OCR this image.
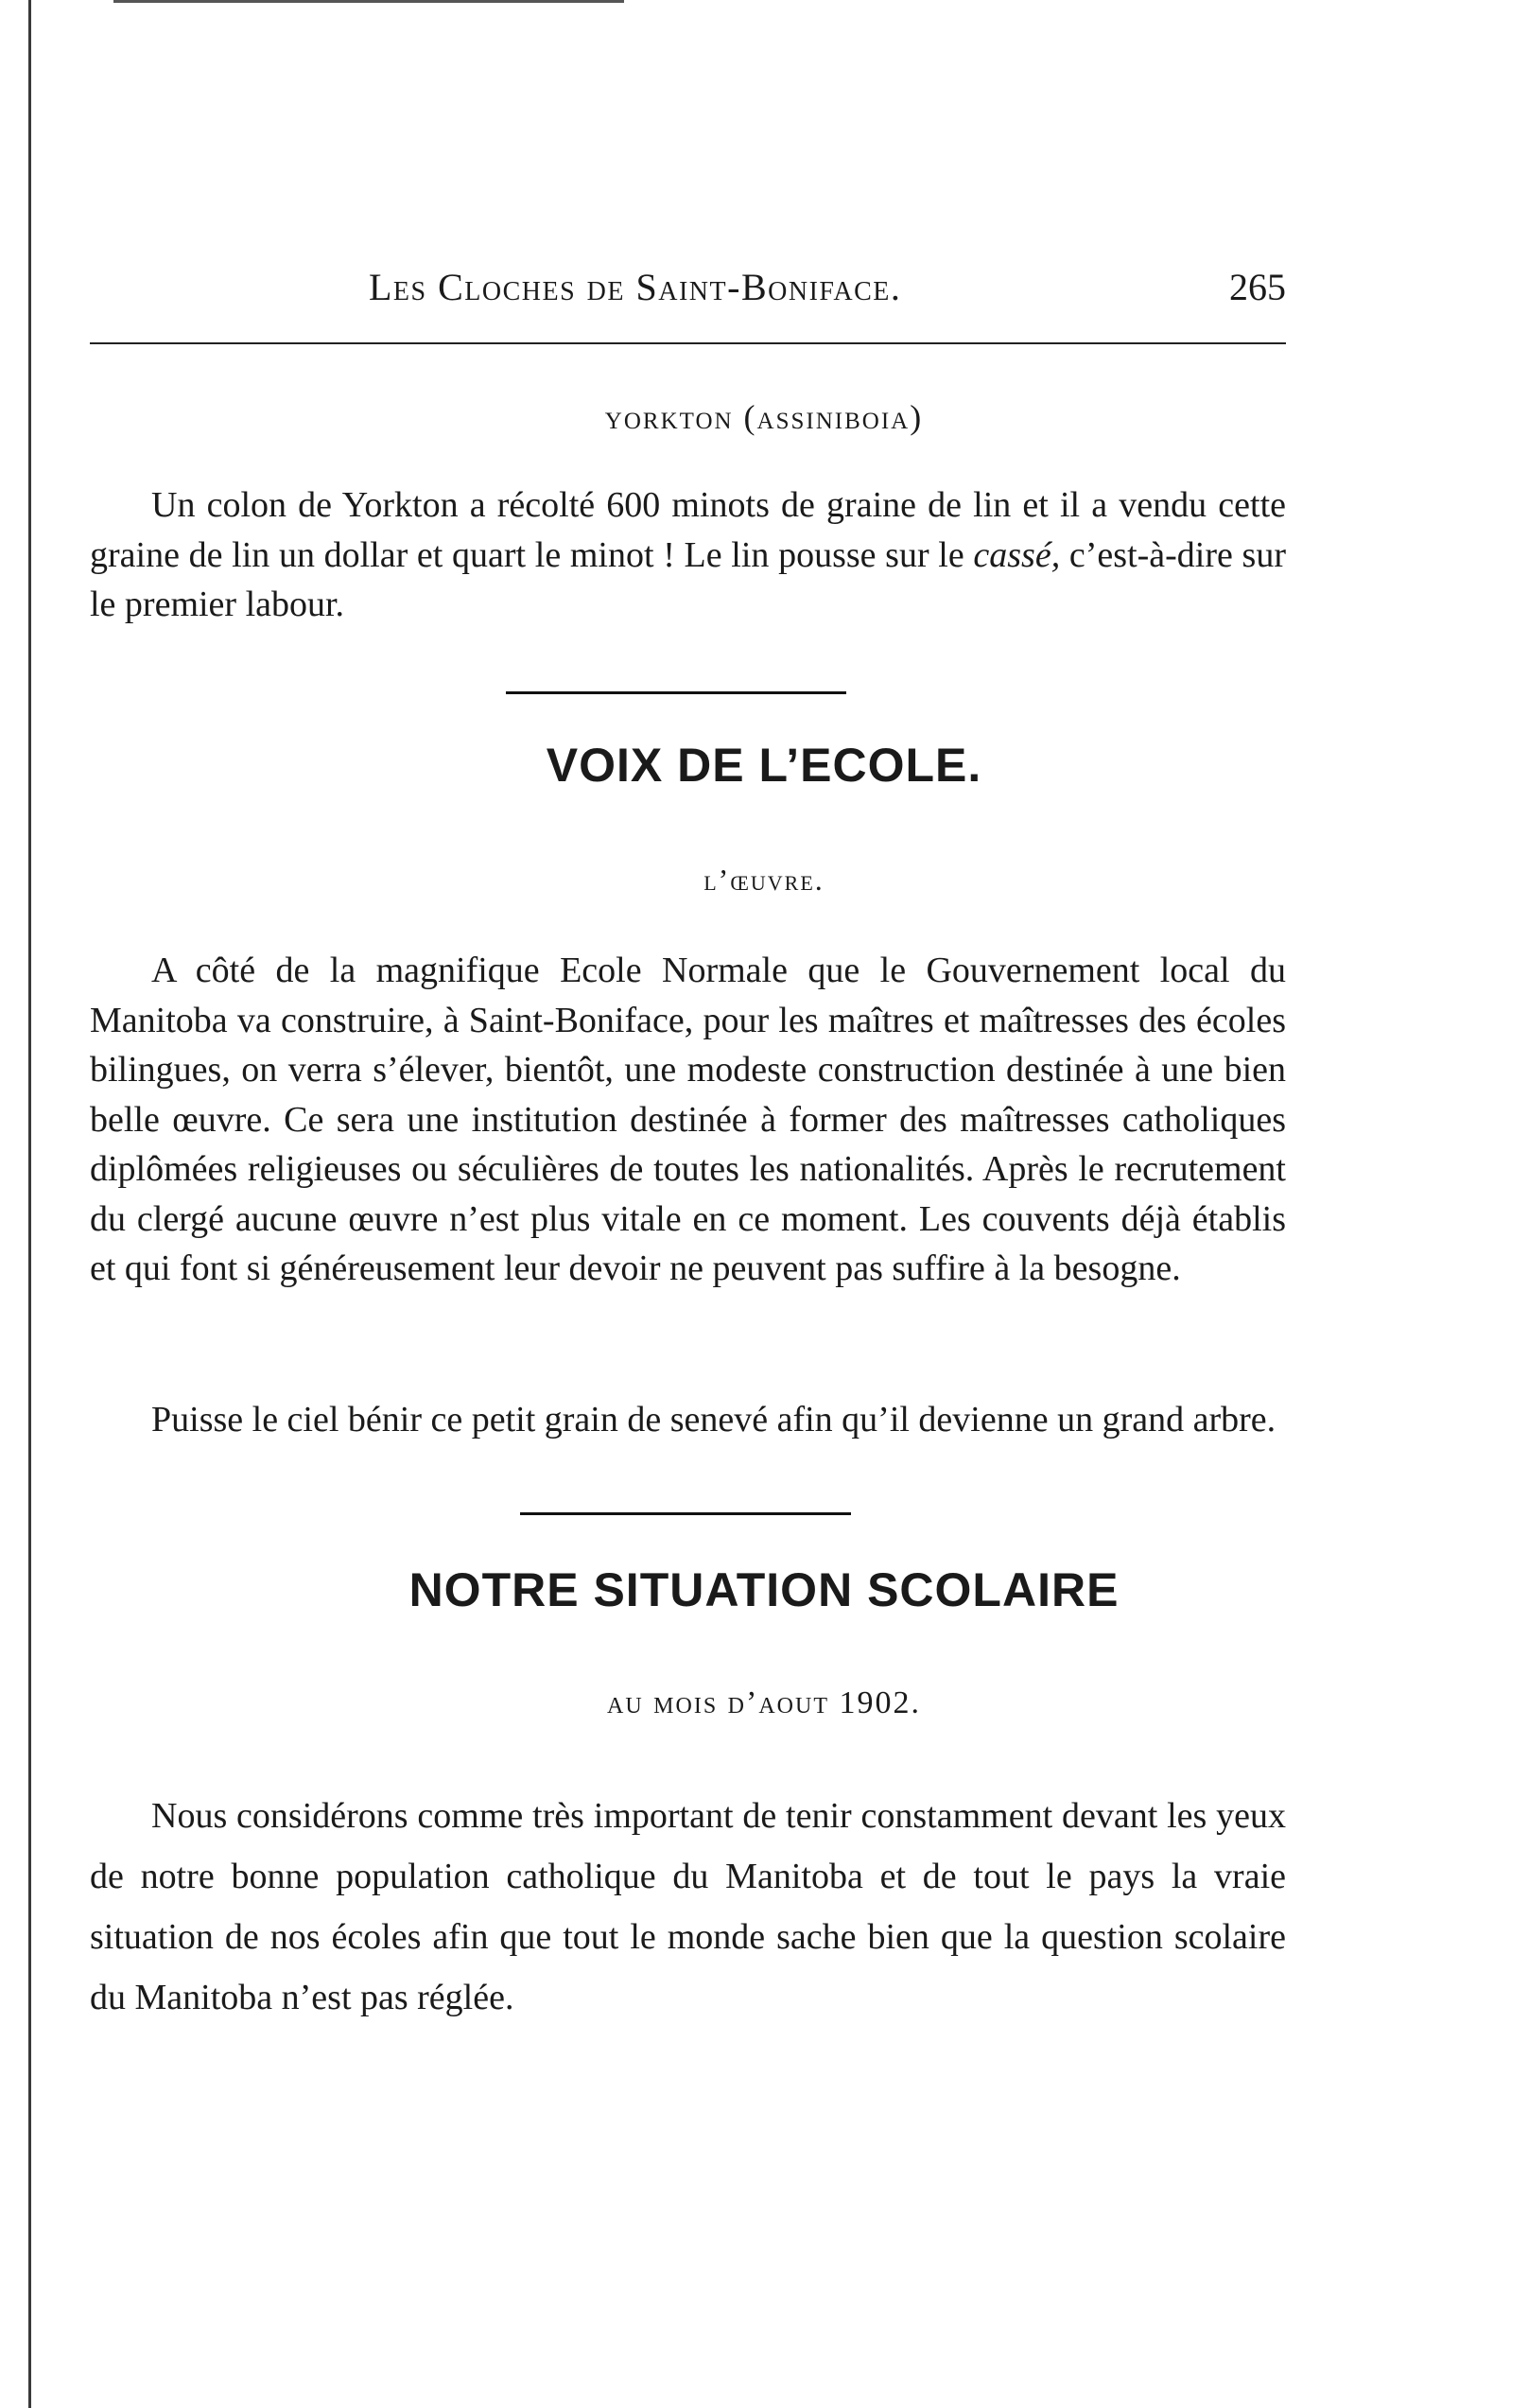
Les Cloches de Saint-Boniface.	265
yorkton (assiniboia)
Un colon de Yorkton a récolté 600 minots de graine de lin et il a vendu cette graine de lin un dollar et quart le minot ! Le lin pousse sur le cassé, c’est-à-dire sur le premier labour.
VOIX DE L’ECOLE.
l’œuvre.
A côté de la magnifique Ecole Normale que le Gouvernement local du Manitoba va construire, à Saint-Boniface, pour les maîtres et maîtresses des écoles bilingues, on verra s’élever, bientôt, une modeste construction destinée à une bien belle œuvre. Ce sera une institution destinée à former des maîtresses catholiques diplômées religieuses ou séculières de toutes les nationalités. Après le recrutement du clergé aucune œuvre n’est plus vitale en ce moment. Les couvents déjà établis et qui font si généreusement leur devoir ne peuvent pas suffire à la besogne.
Puisse le ciel bénir ce petit grain de senevé afin qu’il devienne un grand arbre.
NOTRE SITUATION SCOLAIRE
au mois d’aout 1902.
Nous considérons comme très important de tenir constamment devant les yeux de notre bonne population catholique du Manitoba et de tout le pays la vraie situation de nos écoles afin que tout le monde sache bien que la question scolaire du Manitoba n’est pas réglée.
